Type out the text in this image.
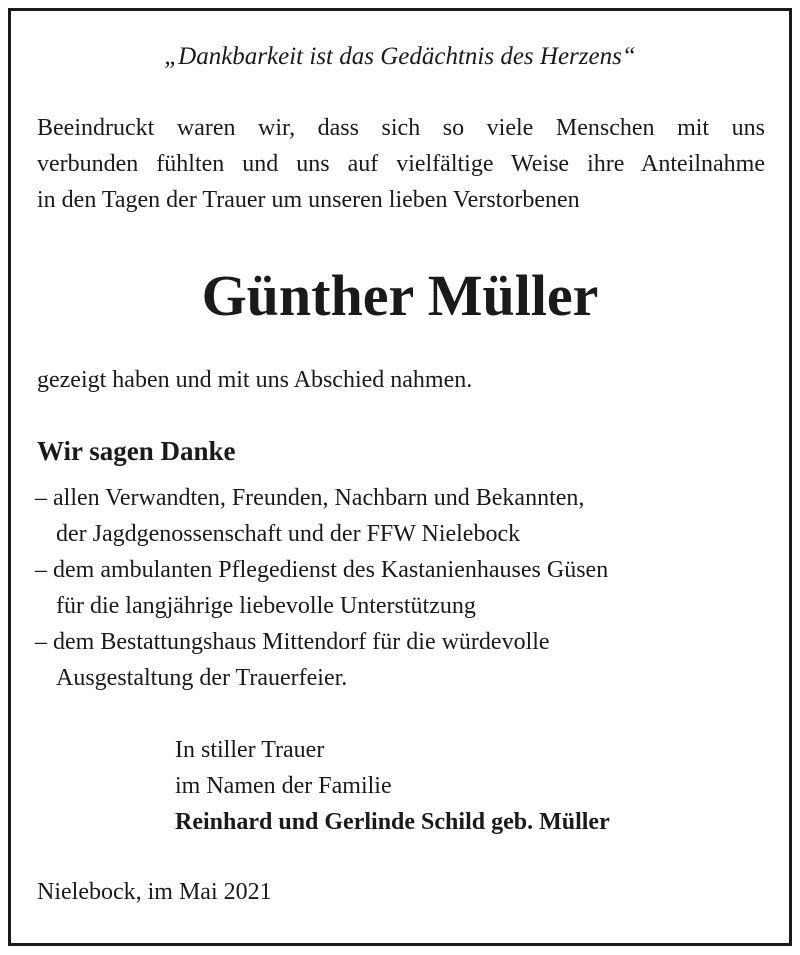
„Dankbarkeit ist das Gedächtnis des Herzens“
Beeindruckt waren wir, dass sich so viele Menschen mit uns
verbunden fühlten und uns auf vielfältige Weise ihre Anteilnahme
in den Tagen der Trauer um unseren lieben Verstorbenen
Günther Müller
gezeigt haben und mit uns Abschied nahmen.
Wir sagen Danke
– allen Verwandten, Freunden, Nachbarn und Bekannten,
der Jagdgenossenschaft und der FFW Nielebock
– dem ambulanten Pflegedienst des Kastanienhauses Güsen
für die langjährige liebevolle Unterstützung
– dem Bestattungshaus Mittendorf für die würdevolle
Ausgestaltung der Trauerfeier.
In stiller Trauer
im Namen der Familie
Reinhard und Gerlinde Schild geb. Müller
Nielebock, im Mai 2021
